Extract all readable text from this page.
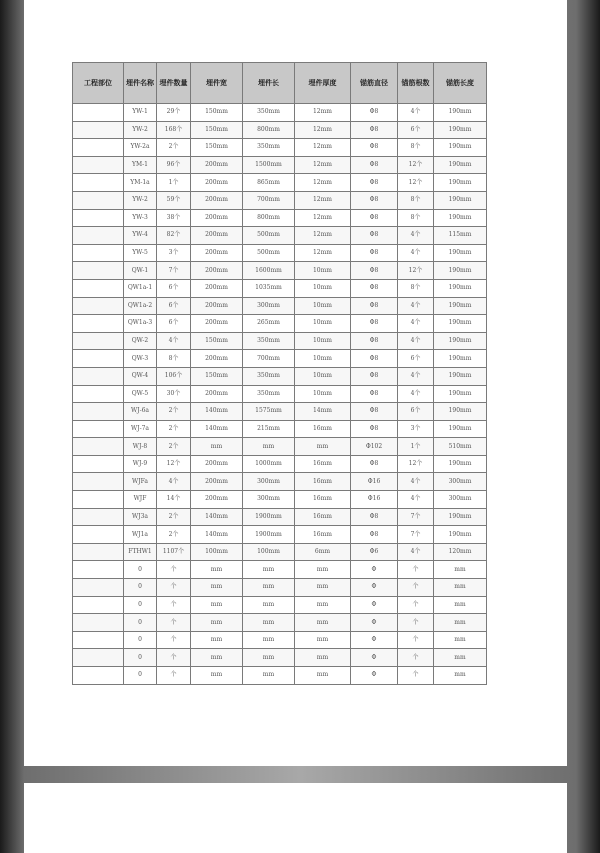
工程部位	埋件名称	埋件数量	埋件宽	埋件长	埋件厚度	锚筋直径	锚筋根数	锚筋长度
	YW-1	29个	150mm	350mm	12mm	Φ8	4个	190mm
	YW-2	168个	150mm	800mm	12mm	Φ8	6个	190mm
	YW-2a	2个	150mm	350mm	12mm	Φ8	8个	190mm
	YM-1	96个	200mm	1500mm	12mm	Φ8	12个	190mm
	YM-1a	1个	200mm	865mm	12mm	Φ8	12个	190mm
	YW-2	59个	200mm	700mm	12mm	Φ8	8个	190mm
	YW-3	38个	200mm	800mm	12mm	Φ8	8个	190mm
	YW-4	82个	200mm	500mm	12mm	Φ8	4个	115mm
	YW-5	3个	200mm	500mm	12mm	Φ8	4个	190mm
	QW-1	7个	200mm	1600mm	10mm	Φ8	12个	190mm
	QW1a-1	6个	200mm	1035mm	10mm	Φ8	8个	190mm
	QW1a-2	6个	200mm	300mm	10mm	Φ8	4个	190mm
	QW1a-3	6个	200mm	265mm	10mm	Φ8	4个	190mm
	QW-2	4个	150mm	350mm	10mm	Φ8	4个	190mm
	QW-3	8个	200mm	700mm	10mm	Φ8	6个	190mm
	QW-4	106个	150mm	350mm	10mm	Φ8	4个	190mm
	QW-5	30个	200mm	350mm	10mm	Φ8	4个	190mm
	WJ-6a	2个	140mm	1575mm	14mm	Φ8	6个	190mm
	WJ-7a	2个	140mm	215mm	16mm	Φ8	3个	190mm
	WJ-8	2个	mm	mm	mm	Φ102	1个	510mm
	WJ-9	12个	200mm	1000mm	16mm	Φ8	12个	190mm
	WJFa	4个	200mm	300mm	16mm	Φ16	4个	300mm
	WJF	14个	200mm	300mm	16mm	Φ16	4个	300mm
	WJ3a	2个	140mm	1900mm	16mm	Φ8	7个	190mm
	WJ1a	2个	140mm	1900mm	16mm	Φ8	7个	190mm
	FTHW1	1107个	100mm	100mm	6mm	Φ6	4个	120mm
	0	个	mm	mm	mm	Φ	个	mm
	0	个	mm	mm	mm	Φ	个	mm
	0	个	mm	mm	mm	Φ	个	mm
	0	个	mm	mm	mm	Φ	个	mm
	0	个	mm	mm	mm	Φ	个	mm
	0	个	mm	mm	mm	Φ	个	mm
	0	个	mm	mm	mm	Φ	个	mm
